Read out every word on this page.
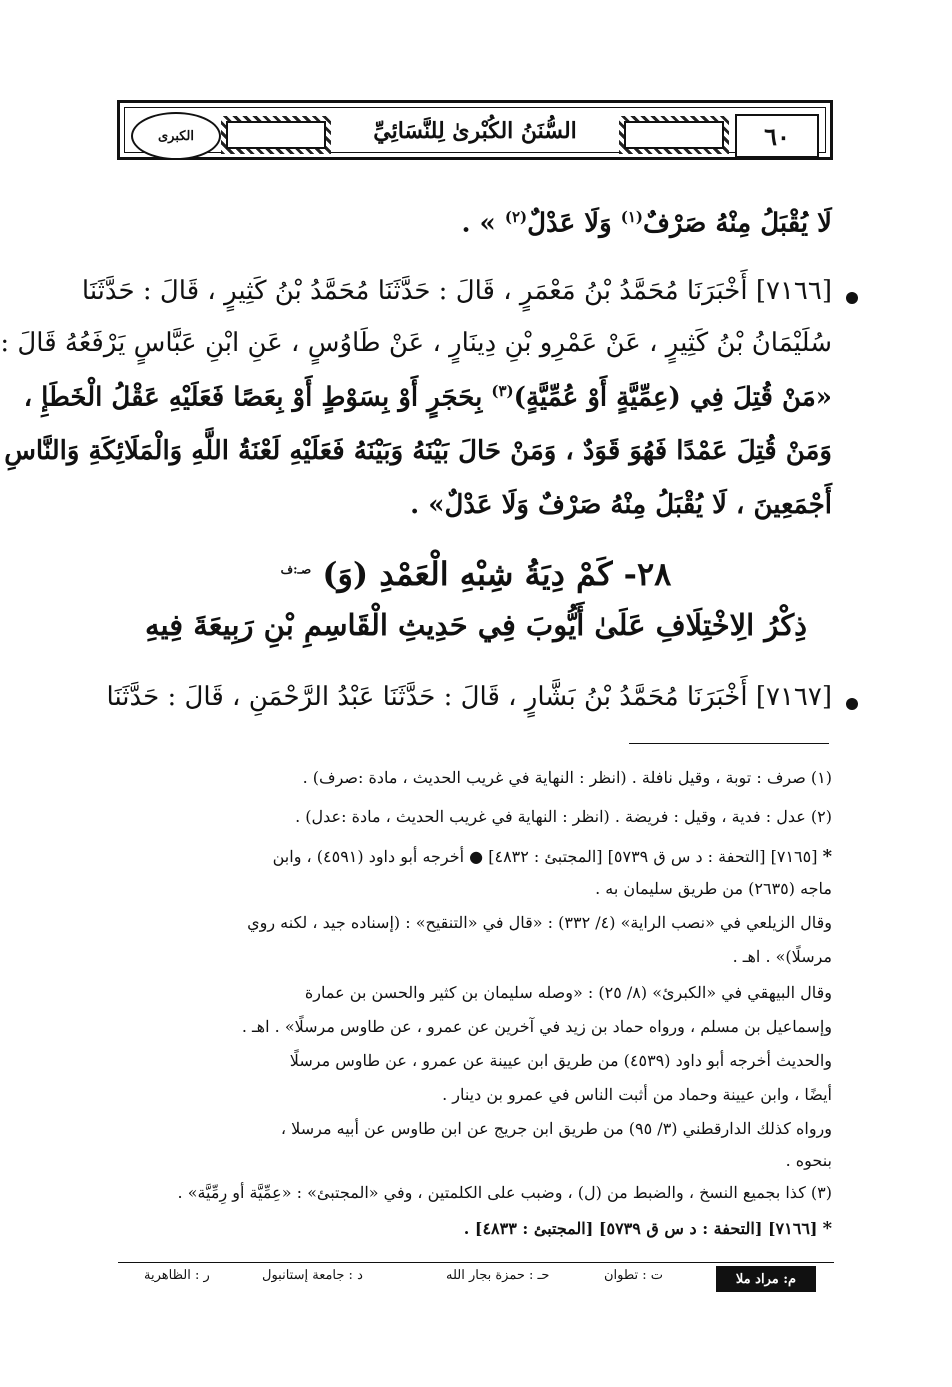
الكبرى	السُّنَنُ الكُبْرىٰ لِلنَّسَائِيِّ	٦٠
لَا يُقْبَلُ مِنْهُ صَرْفٌ$^{(١)}$ وَلَا عَدْلٌ$^{(٢)}$ » .
[٧١٦٦] أَخْبَرَنَا مُحَمَّدُ بْنُ مَعْمَرٍ ، قَالَ : حَدَّثَنَا مُحَمَّدُ بْنُ كَثِيرٍ ، قَالَ : حَدَّثَنَا
سُلَيْمَانُ بْنُ كَثِيرٍ ، عَنْ عَمْرِو بْنِ دِينَارٍ ، عَنْ طَاوُسٍ ، عَنِ ابْنِ عَبَّاسٍ يَرْفَعُهُ قَالَ :
«مَنْ قُتِلَ فِي (عِمِّيَّةٍ أَوْ عُمِّيَّةٍ)$^{(٣)}$ بِحَجَرٍ أَوْ بِسَوْطٍ أَوْ بِعَصًا فَعَلَيْهِ عَقْلُ الْخَطَإِ ،
وَمَنْ قُتِلَ عَمْدًا فَهُوَ قَوَدٌ ، وَمَنْ حَالَ بَيْنَهُ وَبَيْنَهُ فَعَلَيْهِ لَعْنَةُ اللَّهِ وَالْمَلَائِكَةِ وَالنَّاسِ
أَجْمَعِينَ ، لَا يُقْبَلُ مِنْهُ صَرْفٌ وَلَا عَدْلٌ» .
٢٨- كَمْ دِيَةُ شِبْهِ الْعَمْدِ (وَ) $^{صـ:ف}$
ذِكْرُ الِاخْتِلَافِ عَلَىٰ أَيُّوبَ فِي حَدِيثِ الْقَاسِمِ بْنِ رَبِيعَةَ فِيهِ
[٧١٦٧] أَخْبَرَنَا مُحَمَّدُ بْنُ بَشَّارٍ ، قَالَ : حَدَّثَنَا عَبْدُ الرَّحْمَنِ ، قَالَ : حَدَّثَنَا
(١) صرف : توبة ، وقيل نافلة . (انظر : النهاية في غريب الحديث ، مادة :صرف) .
(٢) عدل : فدية ، وقيل : فريضة . (انظر : النهاية في غريب الحديث ، مادة :عدل) .
* [٧١٦٥] [التحفة : د س ق ٥٧٣٩] [المجتبئ : ٤٨٣٢] ● أخرجه أبو داود (٤٥٩١) ، وابن
ماجه (٢٦٣٥) من طريق سليمان به .
وقال الزيلعي في «نصب الراية» (٤/ ٣٣٢) : «قال في «التنقيح» : (إسناده جيد ، لكنه روي
مرسلًا)» . اهـ .
وقال البيهقي في «الكبرئ» (٨/ ٢٥) : «وصله سليمان بن كثير والحسن بن عمارة
وإسماعيل بن مسلم ، ورواه حماد بن زيد في آخرين عن عمرو ، عن طاوس مرسلًا» . اهـ .
والحديث أخرجه أبو داود (٤٥٣٩) من طريق ابن عيينة عن عمرو ، عن طاوس مرسلًا
أيضًا ، وابن عيينة وحماد من أثبت الناس في عمرو بن دينار .
ورواه كذلك الدارقطني (٣/ ٩٥) من طريق ابن جريج عن ابن طاوس عن أبيه مرسلا ،
بنحوه .
(٣) كذا بجميع النسخ ، والضبط من (ل) ، وضبب على الكلمتين ، وفي «المجتبئ» : «عِمِّيَّة أو رِمِّيَّة» .
* [٧١٦٦] [التحفة : د س ق ٥٧٣٩] [المجتبئ : ٤٨٣٣] .
م: مراد ملا
ت : تطوان
حـ : حمزة بجار الله
د : جامعة إستانبول
ر : الظاهرية
